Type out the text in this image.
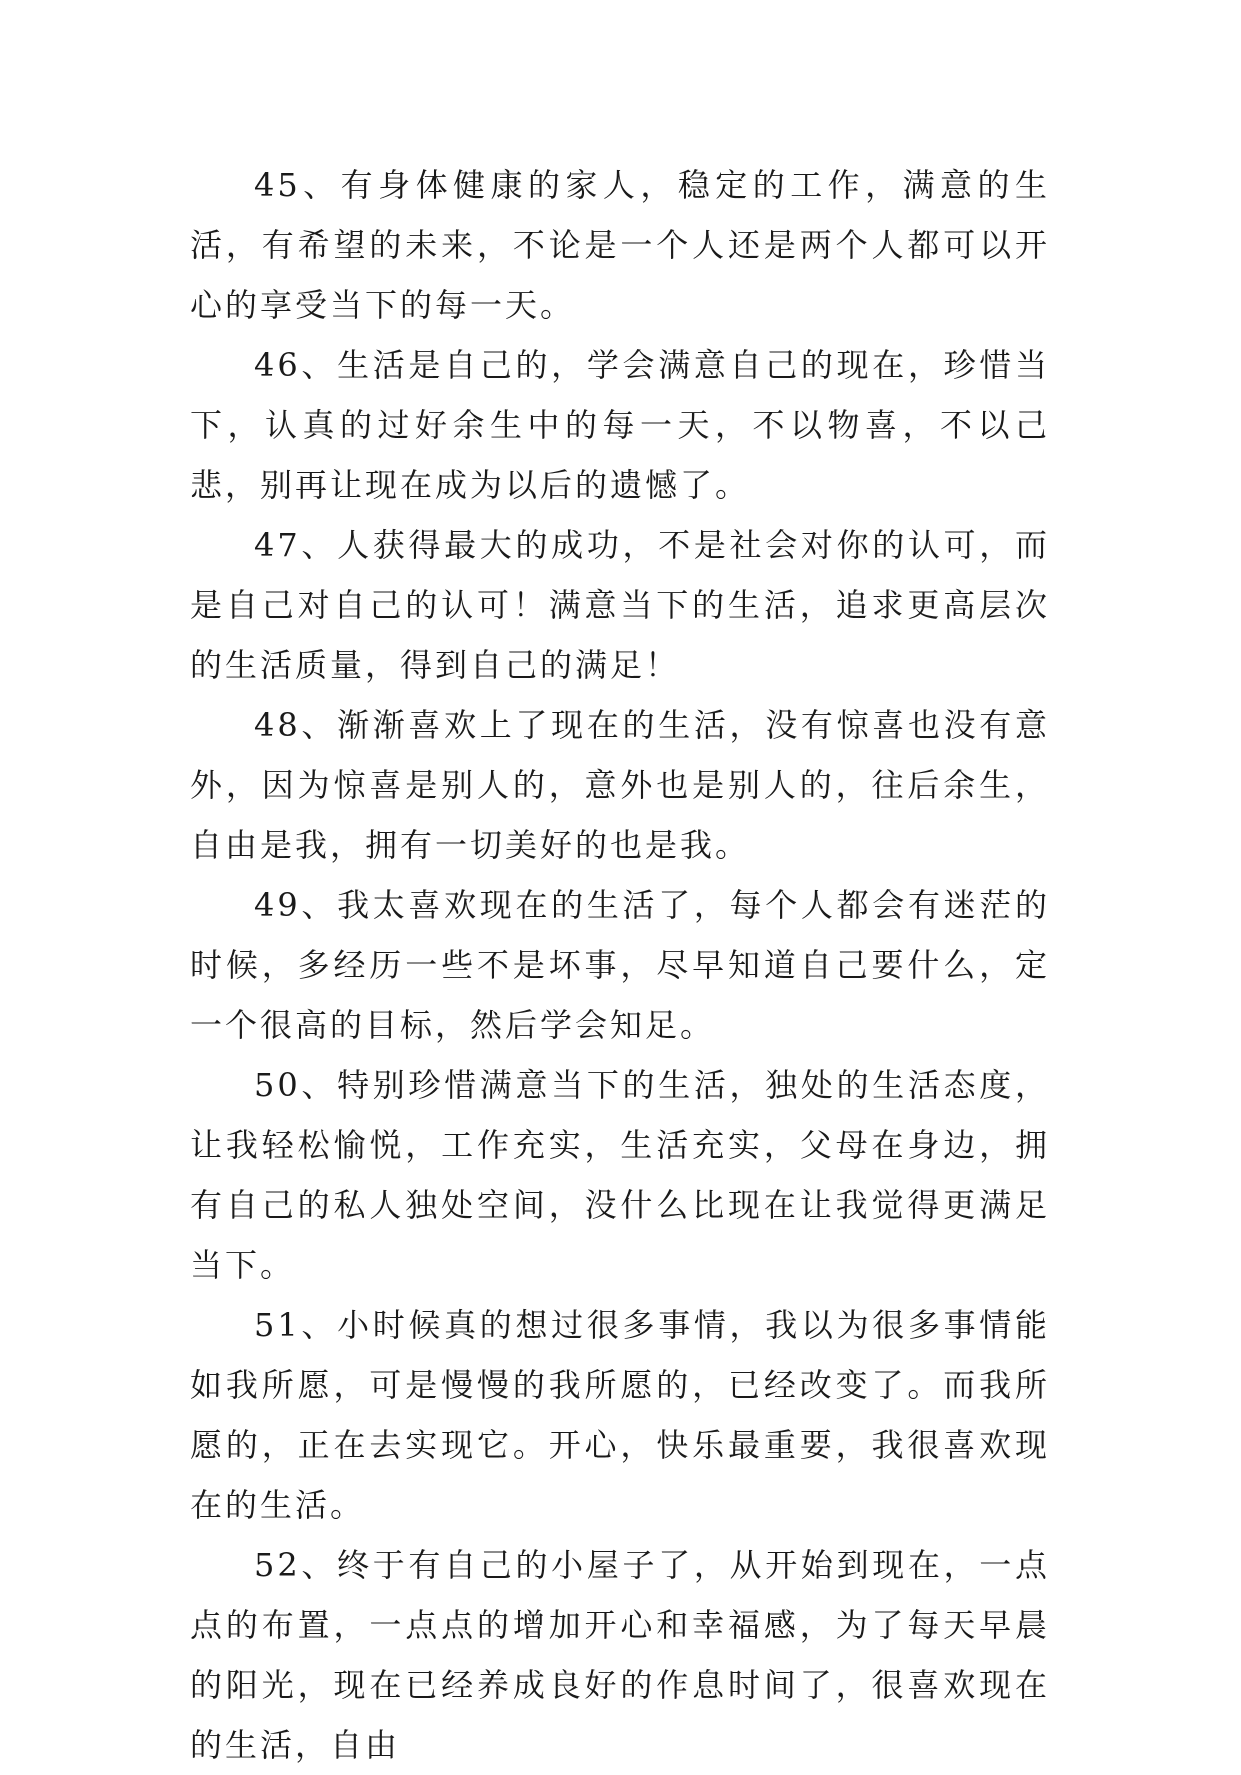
45、有身体健康的家人，稳定的工作，满意的生活，有希望的未来，不论是一个人还是两个人都可以开心的享受当下的每一天。

46、生活是自己的，学会满意自己的现在，珍惜当下，认真的过好余生中的每一天，不以物喜，不以己悲，别再让现在成为以后的遗憾了。

47、人获得最大的成功，不是社会对你的认可，而是自己对自己的认可！满意当下的生活，追求更高层次的生活质量，得到自己的满足！

48、渐渐喜欢上了现在的生活，没有惊喜也没有意外，因为惊喜是别人的，意外也是别人的，往后余生，自由是我，拥有一切美好的也是我。

49、我太喜欢现在的生活了，每个人都会有迷茫的时候，多经历一些不是坏事，尽早知道自己要什么，定一个很高的目标，然后学会知足。

50、特别珍惜满意当下的生活，独处的生活态度，让我轻松愉悦，工作充实，生活充实，父母在身边，拥有自己的私人独处空间，没什么比现在让我觉得更满足当下。

51、小时候真的想过很多事情，我以为很多事情能如我所愿，可是慢慢的我所愿的，已经改变了。而我所愿的，正在去实现它。开心，快乐最重要，我很喜欢现在的生活。

52、终于有自己的小屋子了，从开始到现在，一点点的布置，一点点的增加开心和幸福感，为了每天早晨的阳光，现在已经养成良好的作息时间了，很喜欢现在的生活，自由
